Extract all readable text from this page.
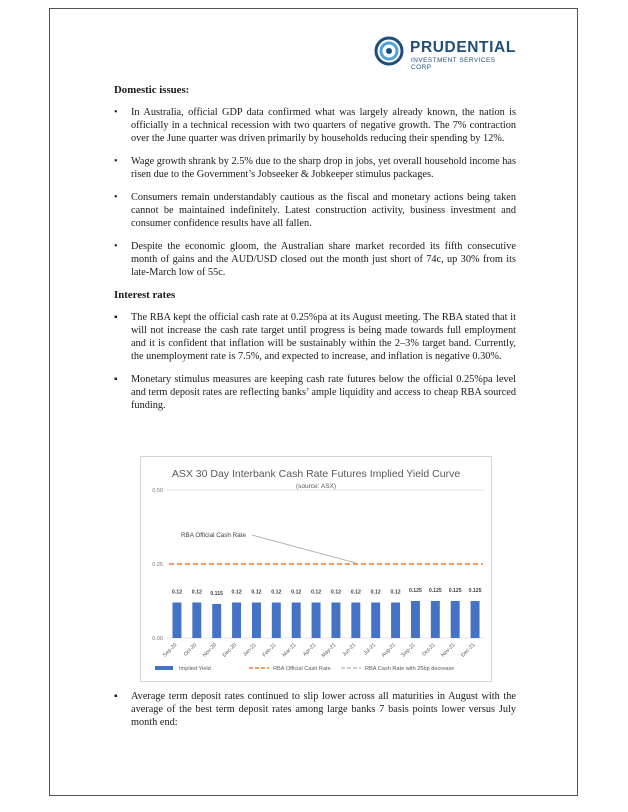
PRUDENTIAL
INVESTMENT SERVICES CORP
Domestic issues:
• In Australia, official GDP data confirmed what was largely already known, the nation is officially in a technical recession with two quarters of negative growth. The 7% contraction over the June quarter was driven primarily by households reducing their spending by 12%.
• Wage growth shrank by 2.5% due to the sharp drop in jobs, yet overall household income has risen due to the Government’s Jobseeker & Jobkeeper stimulus packages.
• Consumers remain understandably cautious as the fiscal and monetary actions being taken cannot be maintained indefinitely. Latest construction activity, business investment and consumer confidence results have all fallen.
• Despite the economic gloom, the Australian share market recorded its fifth consecutive month of gains and the AUD/USD closed out the month just short of 74c, up 30% from its late-March low of 55c.
Interest rates
▪ The RBA kept the official cash rate at 0.25%pa at its August meeting. The RBA stated that it will not increase the cash rate target until progress is being made towards full employment and it is confident that inflation will be sustainably within the 2–3% target band. Currently, the unemployment rate is 7.5%, and expected to increase, and inflation is negative 0.30%.
▪ Monetary stimulus measures are keeping cash rate futures below the official 0.25%pa level and term deposit rates are reflecting banks’ ample liquidity and access to cheap RBA sourced funding.
ASX 30 Day Interbank Cash Rate Futures Implied Yield Curve
(source: ASX)
0.00
0.25
0.50
0.12 0.12 0.115 0.12 0.12 0.12 0.12 0.12 0.12 0.12 0.12 0.12 0.125 0.125 0.125 0.125
Sep-20 Oct-20 Nov-20 Dec-20 Jan-21 Feb-21 Mar-21 Apr-21 May-21 Jun-21 Jul-21 Aug-21 Sep-21 Oct-21 Nov-21 Dec-21
RBA Official Cash Rate
Implied Yield	RBA Official Cash Rate	RBA Cash Rate with 25bp decrease
▪ Average term deposit rates continued to slip lower across all maturities in August with the average of the best term deposit rates among large banks 7 basis points lower versus July month end:
